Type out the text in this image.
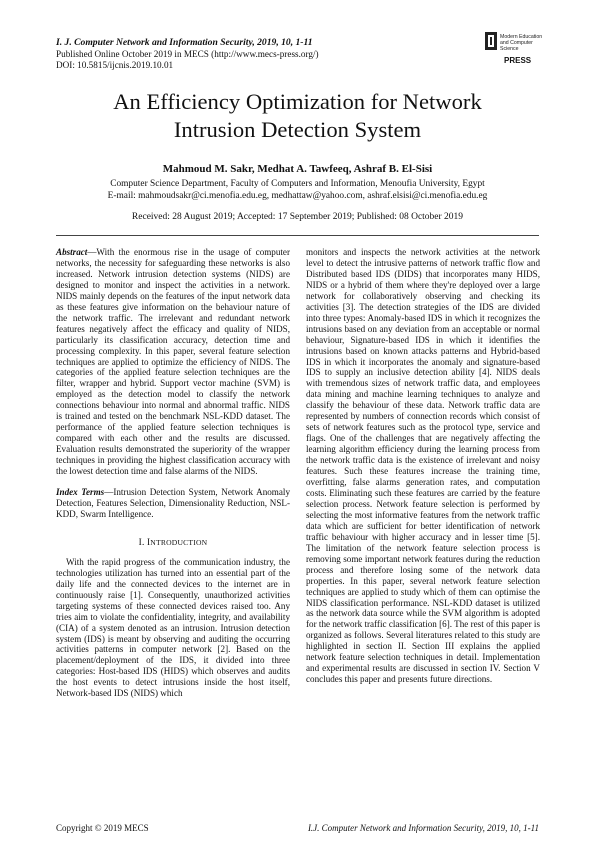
I. J. Computer Network and Information Security, 2019, 10, 1-11
Published Online October 2019 in MECS (http://www.mecs-press.org/)
DOI: 10.5815/ijcnis.2019.10.01
Modern Education
and Computer
Science
PRESS
An Efficiency Optimization for Network
Intrusion Detection System
Mahmoud M. Sakr, Medhat A. Tawfeeq, Ashraf B. El-Sisi
Computer Science Department, Faculty of Computers and Information, Menoufia University, Egypt
E-mail: mahmoudsakr@ci.menofia.edu.eg, medhattaw@yahoo.com, ashraf.elsisi@ci.menofia.edu.eg
Received: 28 August 2019; Accepted: 17 September 2019; Published: 08 October 2019

Abstract—With the enormous rise in the usage of computer networks, the necessity for safeguarding these networks is also increased. Network intrusion detection systems (NIDS) are designed to monitor and inspect the activities in a network. NIDS mainly depends on the features of the input network data as these features give information on the behaviour nature of the network traffic. The irrelevant and redundant network features negatively affect the efficacy and quality of NIDS, particularly its classification accuracy, detection time and processing complexity. In this paper, several feature selection techniques are applied to optimize the efficiency of NIDS. The categories of the applied feature selection techniques are the filter, wrapper and hybrid. Support vector machine (SVM) is employed as the detection model to classify the network connections behaviour into normal and abnormal traffic. NIDS is trained and tested on the benchmark NSL-KDD dataset. The performance of the applied feature selection techniques is compared with each other and the results are discussed. Evaluation results demonstrated the superiority of the wrapper techniques in providing the highest classification accuracy with the lowest detection time and false alarms of the NIDS.

Index Terms—Intrusion Detection System, Network Anomaly Detection, Features Selection, Dimensionality Reduction, NSL-KDD, Swarm Intelligence.

I. INTRODUCTION

With the rapid progress of the communication industry, the technologies utilization has turned into an essential part of the daily life and the connected devices to the internet are in continuously raise [1]. Consequently, unauthorized activities targeting systems of these connected devices raised too. Any tries aim to violate the confidentiality, integrity, and availability (CIA) of a system denoted as an intrusion. Intrusion detection system (IDS) is meant by observing and auditing the occurring activities patterns in computer network [2]. Based on the placement/deployment of the IDS, it divided into three categories: Host-based IDS (HIDS) which observes and audits the host events to detect intrusions inside the host itself, Network-based IDS (NIDS) which

monitors and inspects the network activities at the network level to detect the intrusive patterns of network traffic flow and Distributed based IDS (DIDS) that incorporates many HIDS, NIDS or a hybrid of them where they're deployed over a large network for collaboratively observing and checking its activities [3]. The detection strategies of the IDS are divided into three types: Anomaly-based IDS in which it recognizes the intrusions based on any deviation from an acceptable or normal behaviour, Signature-based IDS in which it identifies the intrusions based on known attacks patterns and Hybrid-based IDS in which it incorporates the anomaly and signature-based IDS to supply an inclusive detection ability [4]. NIDS deals with tremendous sizes of network traffic data, and employees data mining and machine learning techniques to analyze and classify the behaviour of these data. Network traffic data are represented by numbers of connection records which consist of sets of network features such as the protocol type, service and flags. One of the challenges that are negatively affecting the learning algorithm efficiency during the learning process from the network traffic data is the existence of irrelevant and noisy features. Such these features increase the training time, overfitting, false alarms generation rates, and computation costs. Eliminating such these features are carried by the feature selection process. Network feature selection is performed by selecting the most informative features from the network traffic data which are sufficient for better identification of network traffic behaviour with higher accuracy and in lesser time [5]. The limitation of the network feature selection process is removing some important network features during the reduction process and therefore losing some of the network data properties. In this paper, several network feature selection techniques are applied to study which of them can optimise the NIDS classification performance. NSL-KDD dataset is utilized as the network data source while the SVM algorithm is adopted for the network traffic classification [6]. The rest of this paper is organized as follows. Several literatures related to this study are highlighted in section II. Section III explains the applied network feature selection techniques in detail. Implementation and experimental results are discussed in section IV. Section V concludes this paper and presents future directions.

Copyright © 2019 MECS	I.J. Computer Network and Information Security, 2019, 10, 1-11
